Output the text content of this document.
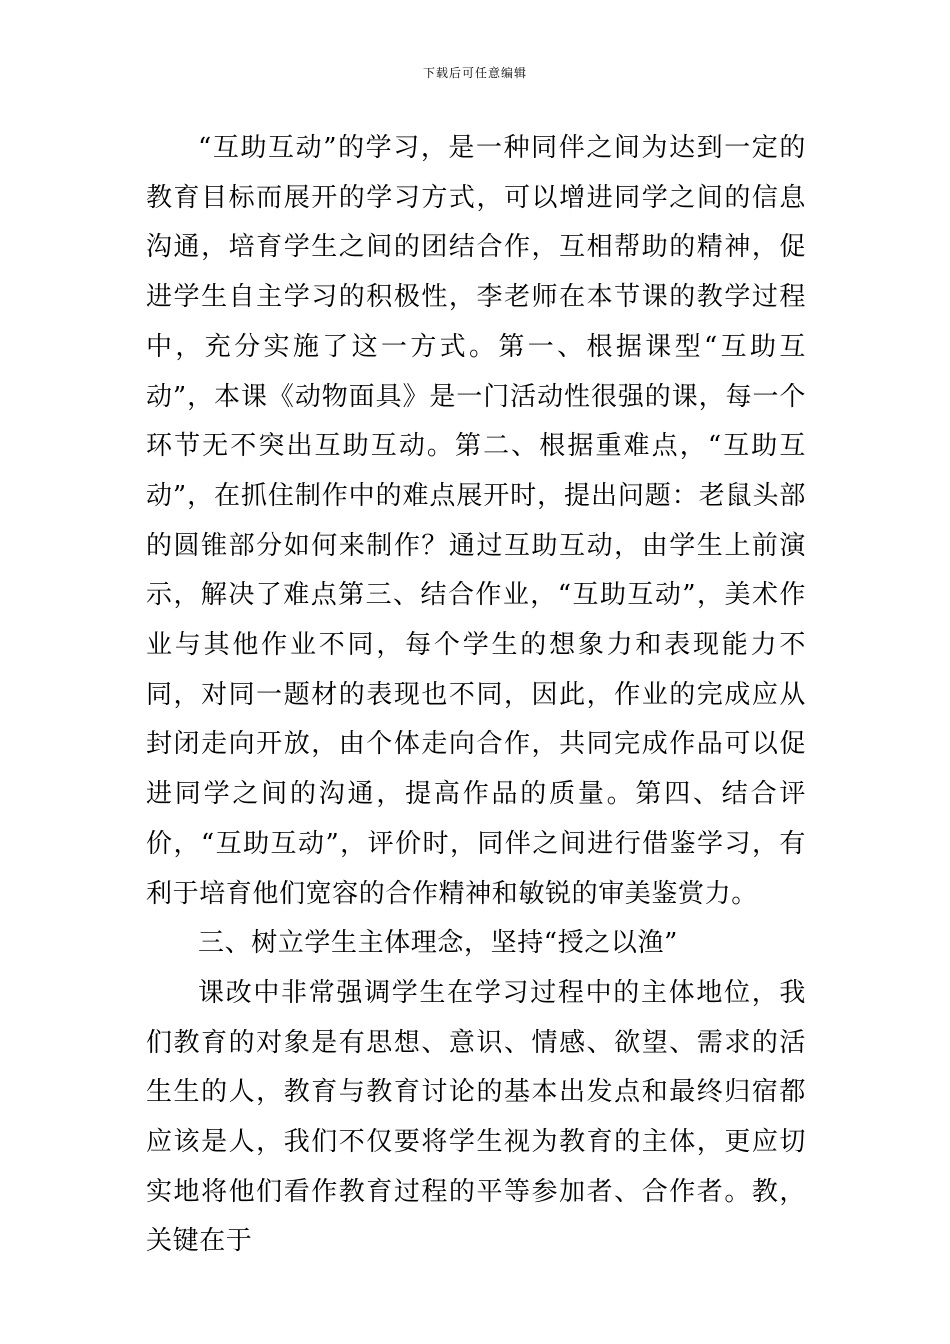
下载后可任意编辑

“互助互动”的学习，是一种同伴之间为达到一定的教育目标而展开的学习方式，可以增进同学之间的信息沟通，培育学生之间的团结合作，互相帮助的精神，促进学生自主学习的积极性，李老师在本节课的教学过程中，充分实施了这一方式。第一、根据课型“互助互动”，本课《动物面具》是一门活动性很强的课，每一个环节无不突出互助互动。第二、根据重难点，“互助互动”，在抓住制作中的难点展开时，提出问题：老鼠头部的圆锥部分如何来制作？通过互助互动，由学生上前演示，解决了难点第三、结合作业，“互助互动”，美术作业与其他作业不同，每个学生的想象力和表现能力不同，对同一题材的表现也不同，因此，作业的完成应从封闭走向开放，由个体走向合作，共同完成作品可以促进同学之间的沟通，提高作品的质量。第四、结合评价，“互助互动”，评价时，同伴之间进行借鉴学习，有利于培育他们宽容的合作精神和敏锐的审美鉴赏力。

三、树立学生主体理念，坚持“授之以渔”

课改中非常强调学生在学习过程中的主体地位，我们教育的对象是有思想、意识、情感、欲望、需求的活生生的人，教育与教育讨论的基本出发点和最终归宿都应该是人，我们不仅要将学生视为教育的主体，更应切实地将他们看作教育过程的平等参加者、合作者。教，关键在于
